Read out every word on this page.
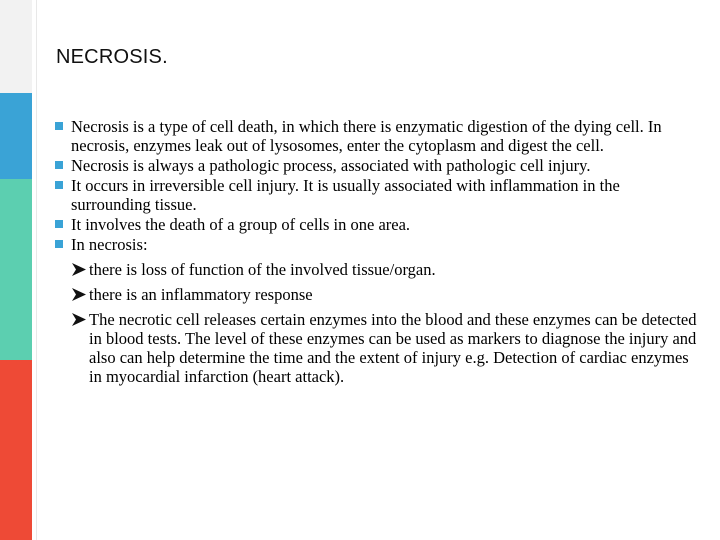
NECROSIS.
Necrosis is a type of cell death, in which there is enzymatic digestion of the dying cell. In necrosis, enzymes leak out of lysosomes, enter the cytoplasm and digest the cell.
Necrosis is always a pathologic process, associated with pathologic cell injury.
It occurs in irreversible cell injury. It is usually associated with inflammation in the surrounding tissue.
It involves the death of a group of cells in one area.
In necrosis:
there is loss of function of the involved tissue/organ.
there is an inflammatory response
The necrotic cell releases certain enzymes into the blood and these enzymes can be detected in blood tests. The level of these enzymes can be used as markers to diagnose the injury and also can help determine the time and the extent of injury e.g. Detection of cardiac enzymes in myocardial infarction (heart attack).
